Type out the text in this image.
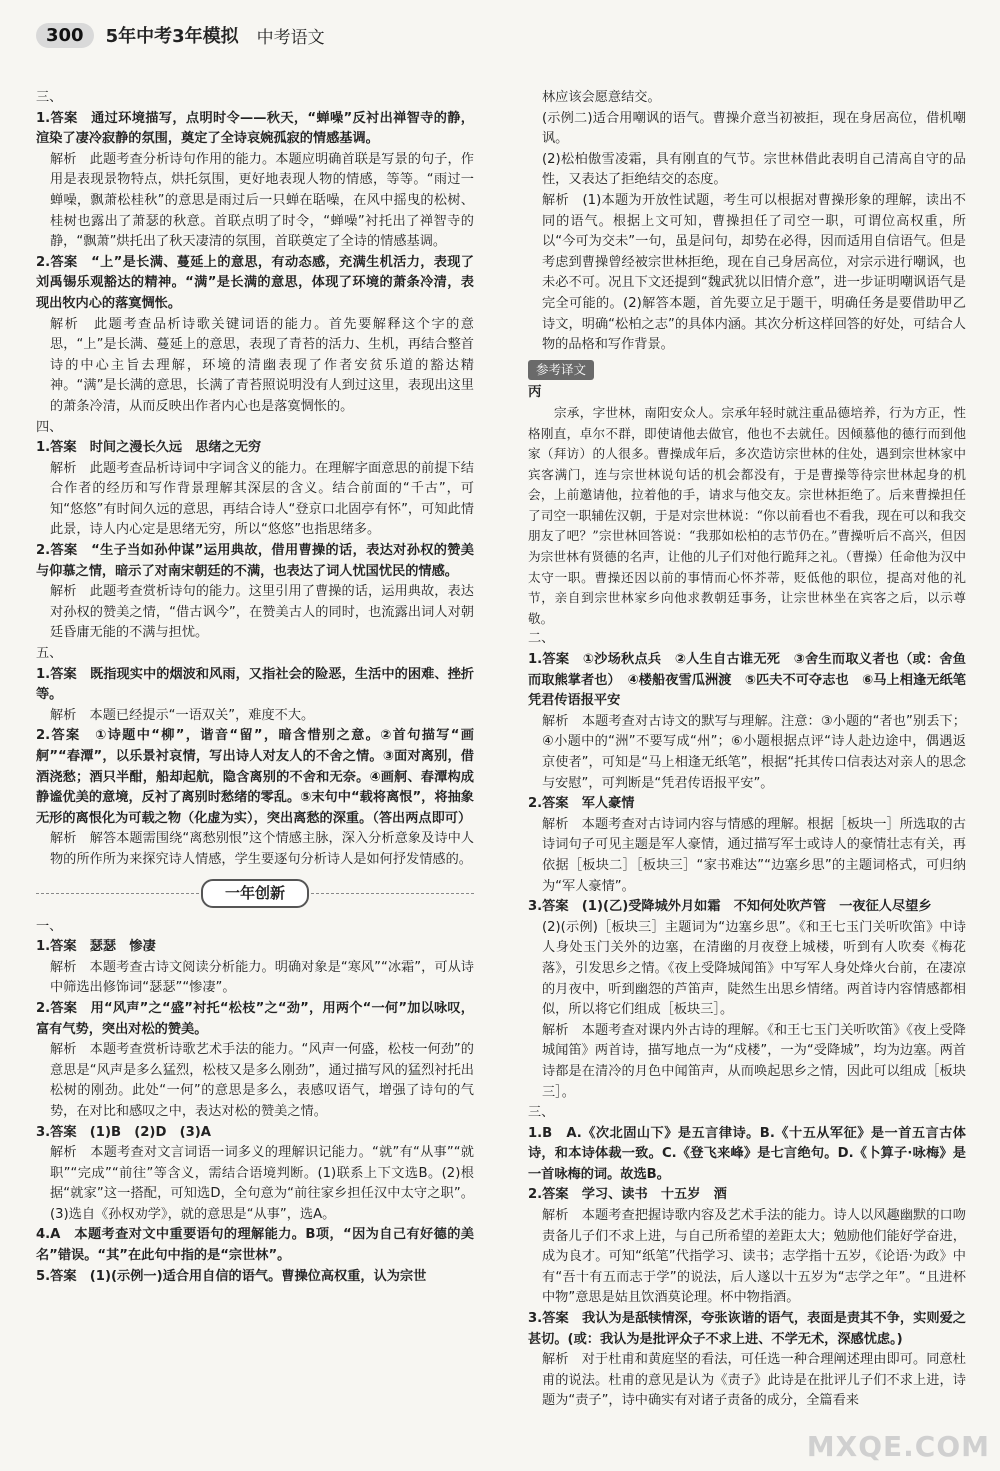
300	5年中考3年模拟 中考语文

三、

1.答案　通过环境描写，点明时令——秋天，“蝉噪”反衬出禅智寺的静，渲染了凄冷寂静的氛围，奠定了全诗哀婉孤寂的情感基调。

解析　此题考查分析诗句作用的能力。本题应明确首联是写景的句子，作用是表现景物特点，烘托氛围，更好地表现人物的情感，等等。“雨过一蝉噪，飘萧松桂秋”的意思是雨过后一只蝉在聒噪，在风中摇曳的松树、桂树也露出了萧瑟的秋意。首联点明了时令，“蝉噪”衬托出了禅智寺的静，“飘萧”烘托出了秋天凄清的氛围，首联奠定了全诗的情感基调。

2.答案　“上”是长满、蔓延上的意思，有动态感，充满生机活力，表现了刘禹锡乐观豁达的精神。“满”是长满的意思，体现了环境的萧条冷清，表现出牧内心的落寞惆怅。

解析　此题考查品析诗歌关键词语的能力。首先要解释这个字的意思，“上”是长满、蔓延上的意思，表现了青苔的活力、生机，再结合整首诗的中心主旨去理解，环境的清幽表现了作者安贫乐道的豁达精神。“满”是长满的意思，长满了青苔照说明没有人到过这里，表现出这里的萧条冷清，从而反映出作者内心也是落寞惆怅的。

四、

1.答案　时间之漫长久远　思绪之无穷

解析　此题考查品析诗词中字词含义的能力。在理解字面意思的前提下结合作者的经历和写作背景理解其深层的含义。结合前面的“千古”，可知“悠悠”有时间久远的意思，再结合诗人“登京口北固亭有怀”，可知此情此景，诗人内心定是思绪无穷，所以“悠悠”也指思绪多。

2.答案　“生子当如孙仲谋”运用典故，借用曹操的话，表达对孙权的赞美与仰慕之情，暗示了对南宋朝廷的不满，也表达了词人忧国忧民的情感。

解析　此题考查赏析诗句的能力。这里引用了曹操的话，运用典故，表达对孙权的赞美之情，“借古讽今”，在赞美古人的同时，也流露出词人对朝廷昏庸无能的不满与担忧。

五、

1.答案　既指现实中的烟波和风雨，又指社会的险恶，生活中的困难、挫折等。

解析　本题已经提示“一语双关”，难度不大。

2.答案　①诗题中“柳”，谐音“留”，暗含惜别之意。②首句描写“画舸”“春潭”，以乐景衬哀情，写出诗人对友人的不舍之情。③面对离别，借酒浇愁；酒只半酣，船却起航，隐含离别的不舍和无奈。④画舸、春潭构成静谧优美的意境，反衬了离别时愁绪的零乱。⑤末句中“载将离恨”，将抽象无形的离恨化为可载之物（化虚为实），突出离愁的深重。（答出两点即可）

解析　解答本题需围绕“离愁别恨”这个情感主脉，深入分析意象及诗中人物的所作所为来探究诗人情感，学生要逐句分析诗人是如何抒发情感的。

一年创新

一、

1.答案　瑟瑟　惨凄

解析　本题考查古诗文阅读分析能力。明确对象是“寒风”“冰霜”，可从诗中筛选出修饰词“瑟瑟”“惨凄”。

2.答案　用“风声”之“盛”衬托“松枝”之“劲”，用两个“一何”加以咏叹，富有气势，突出对松的赞美。

解析　本题考查赏析诗歌艺术手法的能力。“风声一何盛，松枝一何劲”的意思是“风声是多么猛烈，松枝又是多么刚劲”，通过描写风的猛烈衬托出松树的刚劲。此处“一何”的意思是多么，表感叹语气，增强了诗句的气势，在对比和感叹之中，表达对松的赞美之情。

3.答案　(1)B　(2)D　(3)A

解析　本题考查对文言词语一词多义的理解识记能力。“就”有“从事”“就职”“完成”“前往”等含义，需结合语境判断。(1)联系上下文选B。(2)根据“就家”这一搭配，可知选D，全句意为“前往家乡担任汉中太守之职”。(3)选自《孙权劝学》，就的意思是“从事”，选A。

4.A　本题考查对文中重要语句的理解能力。B项，“因为自己有好德的美名”错误。“其”在此句中指的是“宗世林”。

5.答案　(1)(示例一)适合用自信的语气。曹操位高权重，认为宗世

林应该会愿意结交。

(示例二)适合用嘲讽的语气。曹操介意当初被拒，现在身居高位，借机嘲讽。

(2)松柏傲雪凌霜，具有刚直的气节。宗世林借此表明自己清高自守的品性，又表达了拒绝结交的态度。

解析　(1)本题为开放性试题，考生可以根据对曹操形象的理解，读出不同的语气。根据上文可知，曹操担任了司空一职，可谓位高权重，所以“今可为交未”一句，虽是问句，却势在必得，因而适用自信语气。但是考虑到曹操曾经被宗世林拒绝，现在自己身居高位，对宗示进行嘲讽，也未必不可。况且下文还提到“魏武犹以旧情介意”，进一步证明嘲讽语气是完全可能的。(2)解答本题，首先要立足于题干，明确任务是要借助甲乙诗文，明确“松柏之志”的具体内涵。其次分析这样回答的好处，可结合人物的品格和写作背景。

参考译文

丙

宗承，字世林，南阳安众人。宗承年轻时就注重品德培养，行为方正，性格刚直，卓尔不群，即使请他去做官，他也不去就任。因倾慕他的德行而到他家（拜访）的人很多。曹操成年后，多次造访宗世林的住处，遇到宗世林家中宾客满门，连与宗世林说句话的机会都没有，于是曹操等待宗世林起身的机会，上前邀请他，拉着他的手，请求与他交友。宗世林拒绝了。后来曹操担任了司空一职辅佐汉朝，于是对宗世林说：“你以前看也不看我，现在可以和我交朋友了吧？”宗世林回答说：“我那如松柏的志节仍在。”曹操听后不高兴，但因为宗世林有贤德的名声，让他的儿子们对他行跪拜之礼。（曹操）任命他为汉中太守一职。曹操还因以前的事情而心怀芥蒂，贬低他的职位，提高对他的礼节，亲自到宗世林家乡向他求教朝廷事务，让宗世林坐在宾客之后，以示尊敬。

二、

1.答案　①沙场秋点兵　②人生自古谁无死　③舍生而取义者也（或：舍鱼而取熊掌者也）　④楼船夜雪瓜洲渡　⑤匹夫不可夺志也　⑥马上相逢无纸笔　凭君传语报平安

解析　本题考查对古诗文的默写与理解。注意：③小题的“者也”别丢下；④小题中的“洲”不要写成“州”；⑥小题根据点评“诗人赴边途中，偶遇返京使者”，可知是“马上相逢无纸笔”，根据“托其传口信表达对亲人的思念与安慰”，可判断是“凭君传语报平安”。

2.答案　军人豪情

解析　本题考查对古诗词内容与情感的理解。根据［板块一］所选取的古诗词句子可见主题是军人豪情，通过描写军士或诗人的豪情壮志有关，再依据［板块二］［板块三］“家书难达”“边塞乡思”的主题词格式，可归纳为“军人豪情”。

3.答案　(1)(乙)受降城外月如霜　不知何处吹芦管　一夜征人尽望乡

(2)(示例)［板块三］主题词为“边塞乡思”。《和王七玉门关听吹笛》中诗人身处玉门关外的边塞，在清幽的月夜登上城楼，听到有人吹奏《梅花落》，引发思乡之情。《夜上受降城闻笛》中写军人身处烽火台前，在凄凉的月夜中，听到幽怨的芦笛声，陡然生出思乡情绪。两首诗内容情感都相似，所以将它们组成［板块三］。

解析　本题考查对课内外古诗的理解。《和王七玉门关听吹笛》《夜上受降城闻笛》两首诗，描写地点一为“戍楼”，一为“受降城”，均为边塞。两首诗都是在清冷的月色中闻笛声，从而唤起思乡之情，因此可以组成［板块三］。

三、

1.B　A.《次北固山下》是五言律诗。B.《十五从军征》是一首五言古体诗，和本诗体裁一致。C.《登飞来峰》是七言绝句。D.《卜算子·咏梅》是一首咏梅的词。故选B。

2.答案　学习、读书　十五岁　酒

解析　本题考查把握诗歌内容及艺术手法的能力。诗人以风趣幽默的口吻责备儿子们不求上进，与自己所希望的差距太大；勉励他们能好学奋进，成为良才。可知“纸笔”代指学习、读书；志学指十五岁，《论语·为政》中有“吾十有五而志于学”的说法，后人遂以十五岁为“志学之年”。“且进杯中物”意思是姑且饮酒莫论理。杯中物指酒。

3.答案　我认为是舐犊情深，夸张诙谐的语气，表面是责其不争，实则爱之甚切。(或：我认为是批评众子不求上进、不学无术，深感忧虑。)

解析　对于杜甫和黄庭坚的看法，可任选一种合理阐述理由即可。同意杜甫的说法。杜甫的意见是认为《责子》此诗是在批评儿子们不求上进，诗题为“责子”，诗中确实有对诸子责备的成分，全篇看来

MXQE.COM
